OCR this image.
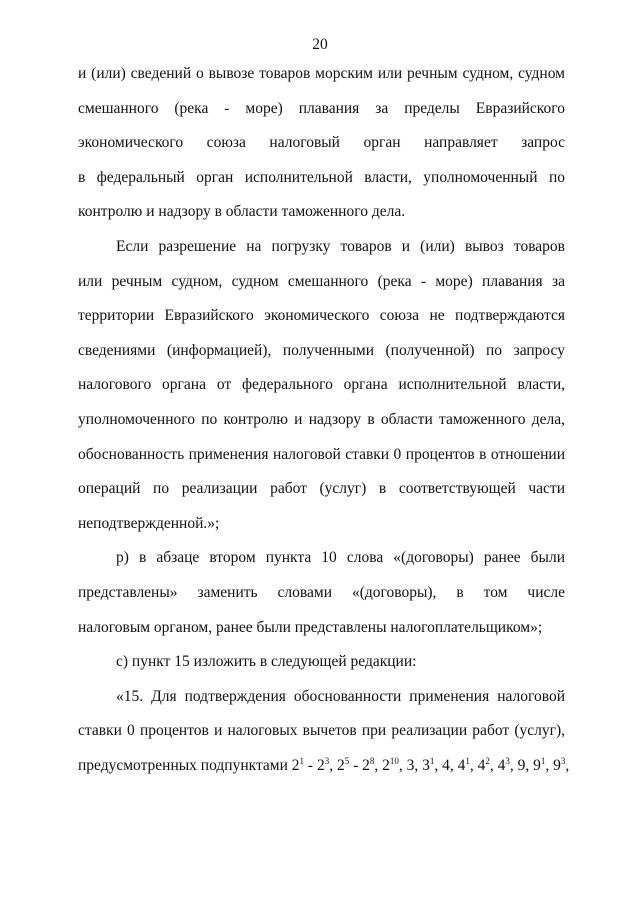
20
и (или) сведений о вывозе товаров морским или речным судном, судном
смешанного (река - море) плавания за пределы Евразийского
экономического союза налоговый орган направляет запрос
в федеральный орган исполнительной власти, уполномоченный по
контролю и надзору в области таможенного дела.
Если разрешение на погрузку товаров и (или) вывоз товаров
или речным судном, судном смешанного (река - море) плавания за
территории Евразийского экономического союза не подтверждаются
сведениями (информацией), полученными (полученной) по запросу
налогового органа от федерального органа исполнительной власти,
уполномоченного по контролю и надзору в области таможенного дела,
обоснованность применения налоговой ставки 0 процентов в отношении
операций по реализации работ (услуг) в соответствующей части
неподтвержденной.»;
р) в абзаце втором пункта 10 слова «(договоры) ранее были
представлены» заменить словами «(договоры), в том числе
налоговым органом, ранее были представлены налогоплательщиком»;
с) пункт 15 изложить в следующей редакции:
«15. Для подтверждения обоснованности применения налоговой
ставки 0 процентов и налоговых вычетов при реализации работ (услуг),
предусмотренных подпунктами $2^1 - 2^3$, $2^5 - 2^8$, $2^{10}$, 3, $3^1$, 4, $4^1$, $4^2$, $4^3$, 9, $9^1$, $9^3$,
